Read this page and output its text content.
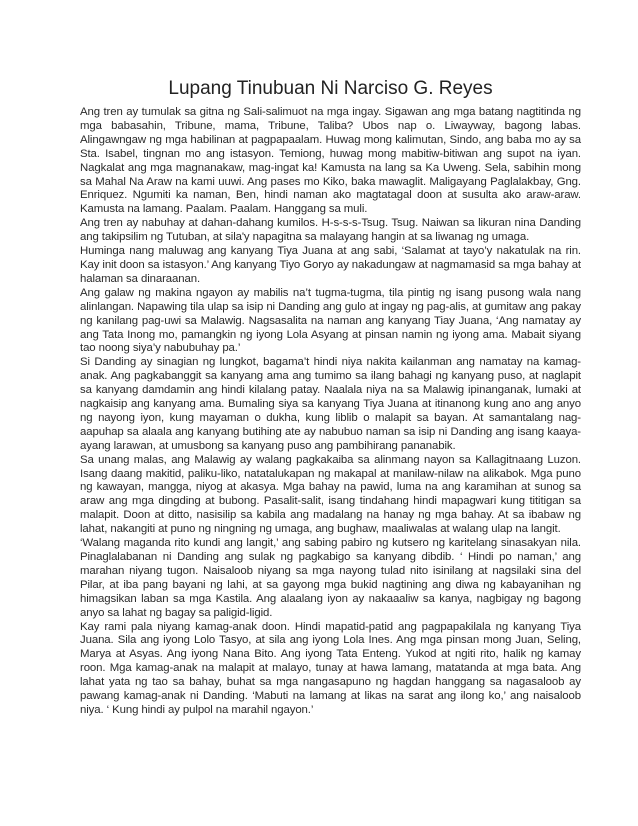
Lupang Tinubuan Ni Narciso G. Reyes

Ang tren ay tumulak sa gitna ng Sali-salimuot na mga ingay. Sigawan ang mga batang nagtitinda ng mga babasahin, Tribune, mama, Tribune, Taliba? Ubos nap o. Liwayway, bagong labas. Alingawngaw ng mga habilinan at pagpapaalam. Huwag mong kalimutan, Sindo, ang baba mo ay sa Sta. Isabel, tingnan mo ang istasyon. Temiong, huwag mong mabitiw-bitiwan ang supot na iyan. Nagkalat ang mga magnanakaw, mag-ingat ka! Kamusta na lang sa Ka Uweng. Sela, sabihin mong sa Mahal Na Araw na kami uuwi. Ang pases mo Kiko, baka mawaglit. Maligayang Paglalakbay, Gng. Enriquez. Ngumiti ka naman, Ben, hindi naman ako magtatagal doon at susulta ako araw-araw. Kamusta na lamang. Paalam. Paalam. Hanggang sa muli.

Ang tren ay nabuhay at dahan-dahang kumilos. H-s-s-s-Tsug. Tsug. Naiwan sa likuran nina Danding ang takipsilim ng Tutuban, at sila'y napagitna sa malayang hangin at sa liwanag ng umaga.

Huminga nang maluwag ang kanyang Tiya Juana at ang sabi, ‘Salamat at tayo’y nakatulak na rin. Kay init doon sa istasyon.’ Ang kanyang Tiyo Goryo ay nakadungaw at nagmamasid sa mga bahay at halaman sa dinaraanan.

Ang galaw ng makina ngayon ay mabilis na’t tugma-tugma, tila pintig ng isang pusong wala nang alinlangan. Napawing tila ulap sa isip ni Danding ang gulo at ingay ng pag-alis, at gumitaw ang pakay ng kanilang pag-uwi sa Malawig. Nagsasalita na naman ang kanyang Tiay Juana, ‘Ang namatay ay ang Tata Inong mo, pamangkin ng iyong Lola Asyang at pinsan namin ng iyong ama. Mabait siyang tao noong siya’y nabubuhay pa.’

Si Danding ay sinagian ng lungkot, bagama’t hindi niya nakita kailanman ang namatay na kamag-anak. Ang pagkabanggit sa kanyang ama ang tumimo sa ilang bahagi ng kanyang puso, at naglapit sa kanyang damdamin ang hindi kilalang patay. Naalala niya na sa Malawig ipinanganak, lumaki at nagkaisip ang kanyang ama. Bumaling siya sa kanyang Tiya Juana at itinanong kung ano ang anyo ng nayong iyon, kung mayaman o dukha, kung liblib o malapit sa bayan. At samantalang nag-aapuhap sa alaala ang kanyang butihing ate ay nabubuo naman sa isip ni Danding ang isang kaaya-ayang larawan, at umusbong sa kanyang puso ang pambihirang pananabik.

Sa unang malas, ang Malawig ay walang pagkakaiba sa alinmang nayon sa Kallagitnaang Luzon. Isang daang makitid, paliku-liko, natatalukapan ng makapal at manilaw-nilaw na alikabok. Mga puno ng kawayan, mangga, niyog at akasya. Mga bahay na pawid, luma na ang karamihan at sunog sa araw ang mga dingding at bubong. Pasalit-salit, isang tindahang hindi mapagwari kung tititigan sa malapit. Doon at ditto, nasisilip sa kabila ang madalang na hanay ng mga bahay. At sa ibabaw ng lahat, nakangiti at puno ng ningning ng umaga, ang bughaw, maaliwalas at walang ulap na langit.

‘Walang maganda rito kundi ang langit,’ ang sabing pabiro ng kutsero ng karitelang sinasakyan nila. Pinaglalabanan ni Danding ang sulak ng pagkabigo sa kanyang dibdib. ‘ Hindi po naman,’ ang marahan niyang tugon. Naisaloob niyang sa mga nayong tulad nito isinilang at nagsilaki sina del Pilar, at iba pang bayani ng lahi, at sa gayong mga bukid nagtining ang diwa ng kabayanihan ng himagsikan laban sa mga Kastila. Ang alaalang iyon ay nakaaaliw sa kanya, nagbigay ng bagong anyo sa lahat ng bagay sa paligid-ligid.

Kay rami pala niyang kamag-anak doon. Hindi mapatid-patid ang pagpapakilala ng kanyang Tiya Juana. Sila ang iyong Lolo Tasyo, at sila ang iyong Lola Ines. Ang mga pinsan mong Juan, Seling, Marya at Asyas. Ang iyong Nana Bito. Ang iyong Tata Enteng. Yukod at ngiti rito, halik ng kamay roon. Mga kamag-anak na malapit at malayo, tunay at hawa lamang, matatanda at mga bata. Ang lahat yata ng tao sa bahay, buhat sa mga nangasapuno ng hagdan hanggang sa nagasaloob ay pawang kamag-anak ni Danding. ‘Mabuti na lamang at likas na sarat ang ilong ko,’ ang naisaloob niya. ‘ Kung hindi ay pulpol na marahil ngayon.’
